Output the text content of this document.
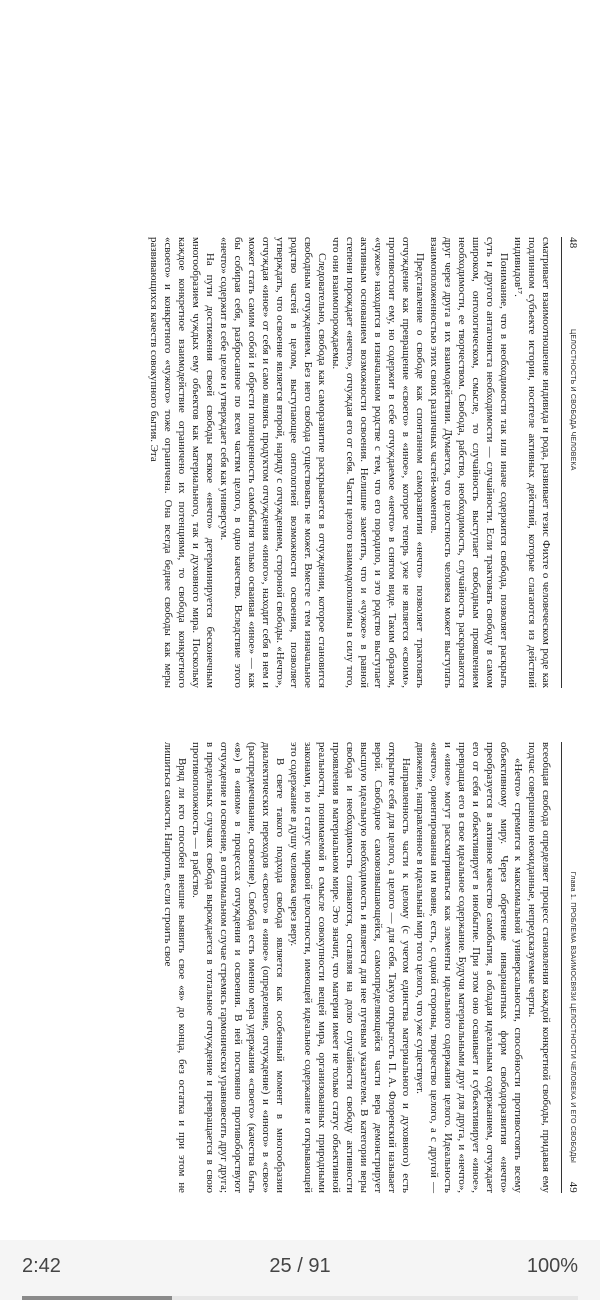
48
ЦЕЛОСТНОСТЬ И СВОБОДА ЧЕЛОВЕКА

сматривает взаимоотношение индивида и рода, развивает тезис Фихте о человеческом роде как подлинном субъекте истории, носителе активных действий, которые слагаются из действий индивидов¹⁷.

Понимание, что в необходимости так или иначе содержится свобода, позволяет раскрыть суть и другого антагониста необходимости — случайности. Если трактовать свободу в самом широком, онтологическом, смысле, то случайность выступает свободным проявлением необходимости, ее творчеством. Свобода, рабство, необходимость, случайность раскрываются друг через друга в их взаимодействии. Думается, что целостность человека может выступать взаимоположенностью этих своих различных частей-моментов.

Представление о свободе как спонтанном саморазвитии «нечто» позволяет трактовать отчуждение как превращение «своего» в «иное», которое теперь уже не является «своим», противостоит ему, но содержит в себе отчуждаемое «нечто» в снятом виде. Таким образом, «чужое» находится в изначальном родстве с тем, что его породило, и это родство выступает активным основанием возможности освоения. Нелишне заметить, что и «чужое» в равной степени порождает «нечто», отчуждая его от себя. Части целого взаимодополнимы в силу того, что они взаимопорождаемы.

Следовательно, свобода как саморазвитие раскрывается в отчуждении, которое становится свободным отчуждением. Без него свобода существовать не может. Вместе с тем изначальное родство частей в целом, выступающее онтологией возможности освоения, позволяет утверждать, что освоение является второй, наряду с отчуждением, стороной свободы. «Нечто», отчуждая «иное» от себя и само являясь продуктом отчуждения «иного», находит себя в нем и может стать самим собой и обрести полноценность самобытия только осваивая «иное» — как бы собирая себя, разбросанное по всем частям целого, в одно качество. Вследствие этого «нечто» содержит в себе целое и утверждает себя как универсум.

На пути достижения своей свободы всякое «нечто» детерминируется бесконечным многообразием чуждых ему объектов как материального, так и духовного мира. Поскольку каждое конкретное взаимодействие ограничено их потенциями, то свобода конкретного «своего» и конкретного «чужого» тоже ограничена. Она всегда беднее свободы как меры развивающихся качеств совокупного бытия. Эта

Глава 1. ПРОБЛЕМА ВЗАИМОСВЯЗИ ЦЕЛОСТНОСТИ ЧЕЛОВЕКА И ЕГО СВОБОДЫ
49

всеобщая свобода определяет процесс становления каждой конкретной свободы, придавая ему подчас совершенно неожиданные, непредсказуемые черты.

«Нечто» стремится к максимальной универсальности, способности противостоять всему объективному миру. Через обретение инвариантных форм свободоразвития «нечто» преобразуется в активное качество самобытия, а обладая идеальным содержанием, отчуждает его от себя и объективирует в инобытие. При этом оно осваивает и субъективирует «иное», превращая его в свое идеальное содержание. Будучи материальными друг для друга, и «нечто», и «иное» могут рассматриваться как элементы идеального содержания целого. Идеальность «нечто», ориентированная им вовне, есть, с одной стороны, творчество целого, а с другой — движение, направленное в идеальный мир того целого, что уже существует.

Направленность части к целому (с учетом единства материального и духовного) есть открытие себя для целого, а целого — для себя. Такую открытость П. А. Флоренский называет верой. Свободное самовозвышающейся, самоопределяющейся части вера демонстрирует высшую идеальную необходимость и является для нее путевым указателем. В категории веры свобода и необходимость сливаются, оставляя на долю случайности свободу активности проявления в материальном мире. Это значит, что материя имеет не только статус объективной реальности, понимаемой в смысле совокупности вещей мира, организованных природными законами, но и статус мировой целостности, имеющей идеальное содержание и открывающей это содержание в душу человека через веру.

В свете такого подхода свобода является как особенный момент в многообразии диалектических переходов «своего» в «иное» (определение, отчуждение) и «иного» в «свое» (распредмечивание, освоение). Свобода есть именно мера удержания «своего» (качества быть «я») в «ином» в процессах отчуждения и освоения. В ней постоянно противоборствуют отчуждение и освоение, в оптимальном случае стремясь гармонически уравновесить друг друга; в предельных случаях свобода вырождается в тотальное отчуждение и превращается в свою противоположность — в рабство.

Вряд ли кто способен внешне выявить свое «я» до конца, без остатка и при этом не лишиться самости. Напротив, если строить свое

2:42	25 / 91	100%
